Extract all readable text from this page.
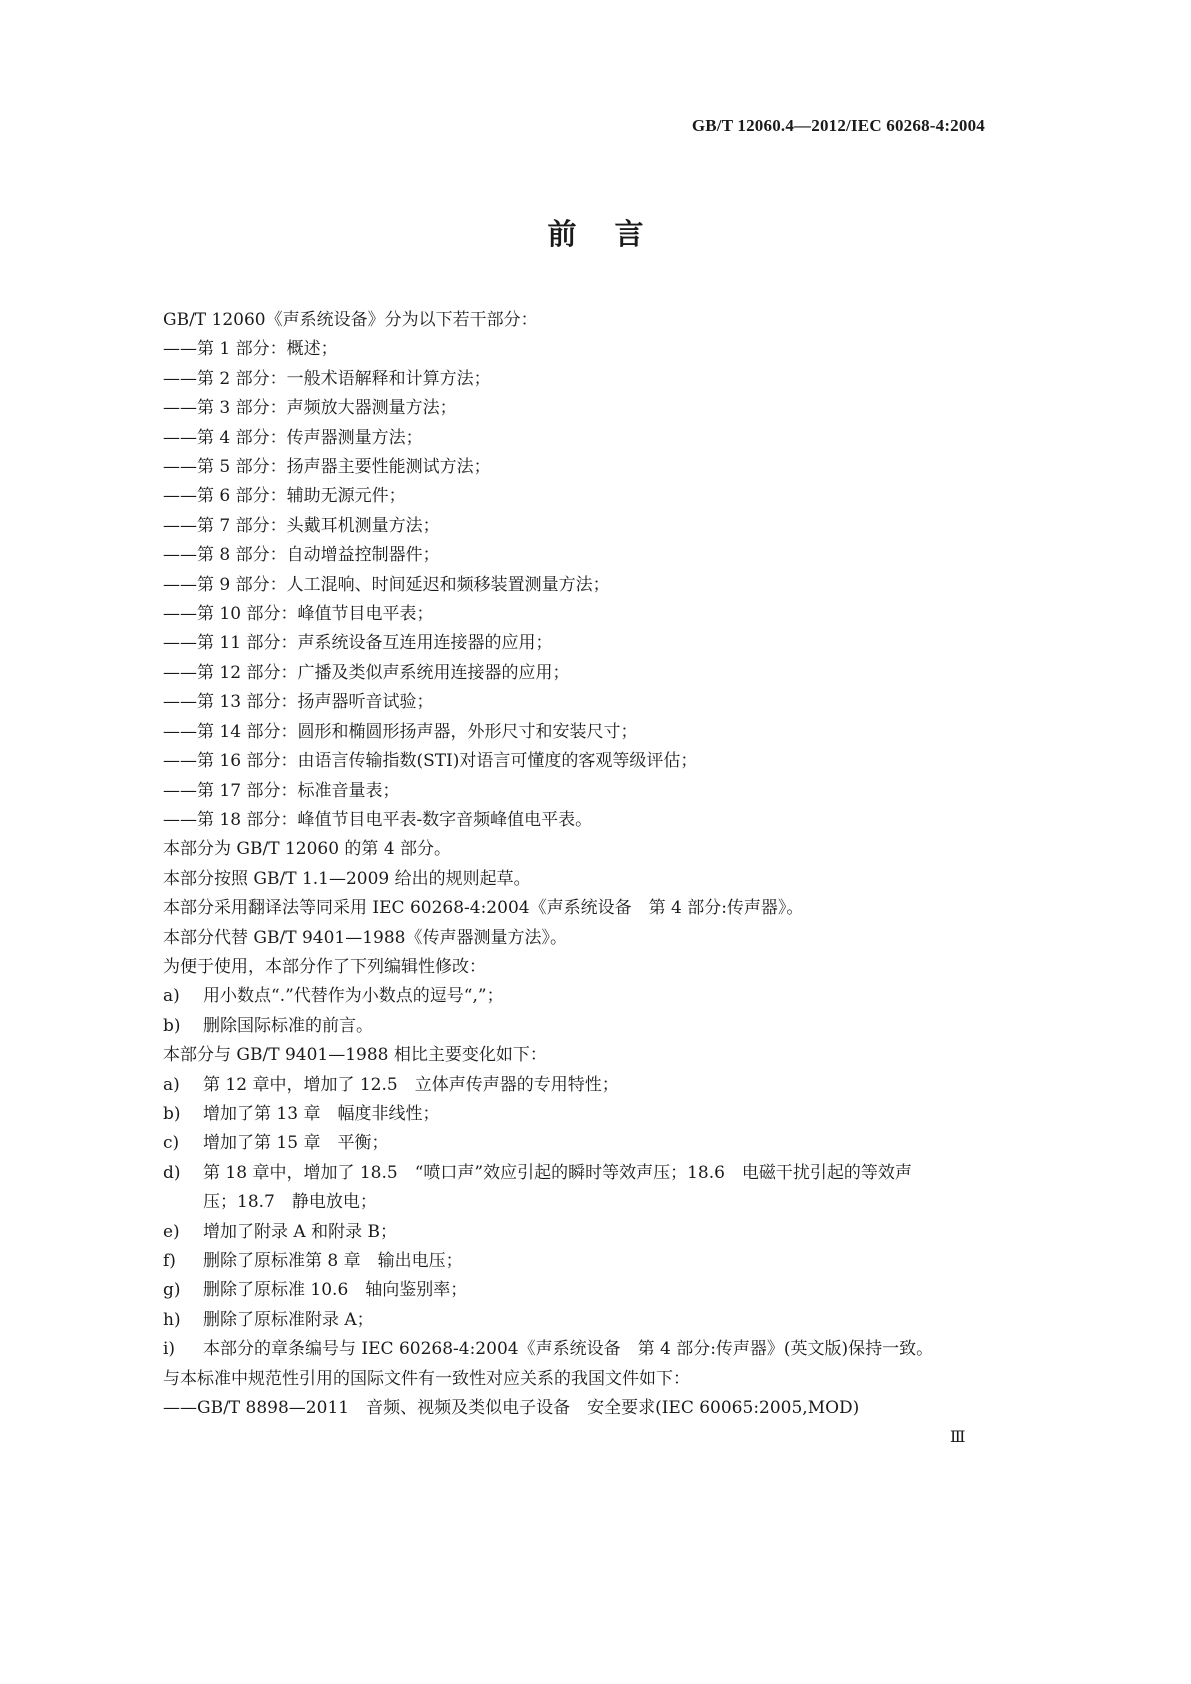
GB/T 12060.4—2012/IEC 60268-4:2004
前言
GB/T 12060《声系统设备》分为以下若干部分：
——第 1 部分：概述；
——第 2 部分：一般术语解释和计算方法；
——第 3 部分：声频放大器测量方法；
——第 4 部分：传声器测量方法；
——第 5 部分：扬声器主要性能测试方法；
——第 6 部分：辅助无源元件；
——第 7 部分：头戴耳机测量方法；
——第 8 部分：自动增益控制器件；
——第 9 部分：人工混响、时间延迟和频移装置测量方法；
——第 10 部分：峰值节目电平表；
——第 11 部分：声系统设备互连用连接器的应用；
——第 12 部分：广播及类似声系统用连接器的应用；
——第 13 部分：扬声器听音试验；
——第 14 部分：圆形和椭圆形扬声器，外形尺寸和安装尺寸；
——第 16 部分：由语言传输指数(STI)对语言可懂度的客观等级评估；
——第 17 部分：标准音量表；
——第 18 部分：峰值节目电平表-数字音频峰值电平表。
本部分为 GB/T 12060 的第 4 部分。
本部分按照 GB/T 1.1—2009 给出的规则起草。
本部分采用翻译法等同采用 IEC 60268-4:2004《声系统设备　第 4 部分:传声器》。
本部分代替 GB/T 9401—1988《传声器测量方法》。
为便于使用，本部分作了下列编辑性修改：
a)	用小数点“.”代替作为小数点的逗号“,”；
b)	删除国际标准的前言。
本部分与 GB/T 9401—1988 相比主要变化如下：
a)	第 12 章中，增加了 12.5　立体声传声器的专用特性；
b)	增加了第 13 章　幅度非线性；
c)	增加了第 15 章　平衡；
d)	第 18 章中，增加了 18.5　“喷口声”效应引起的瞬时等效声压；18.6　电磁干扰引起的等效声
压；18.7　静电放电；
e)	增加了附录 A 和附录 B；
f)	删除了原标准第 8 章　输出电压；
g)	删除了原标准 10.6　轴向鉴别率；
h)	删除了原标准附录 A；
i)	本部分的章条编号与 IEC 60268-4:2004《声系统设备　第 4 部分:传声器》(英文版)保持一致。
与本标准中规范性引用的国际文件有一致性对应关系的我国文件如下：
——GB/T 8898—2011　音频、视频及类似电子设备　安全要求(IEC 60065:2005,MOD)
Ⅲ
